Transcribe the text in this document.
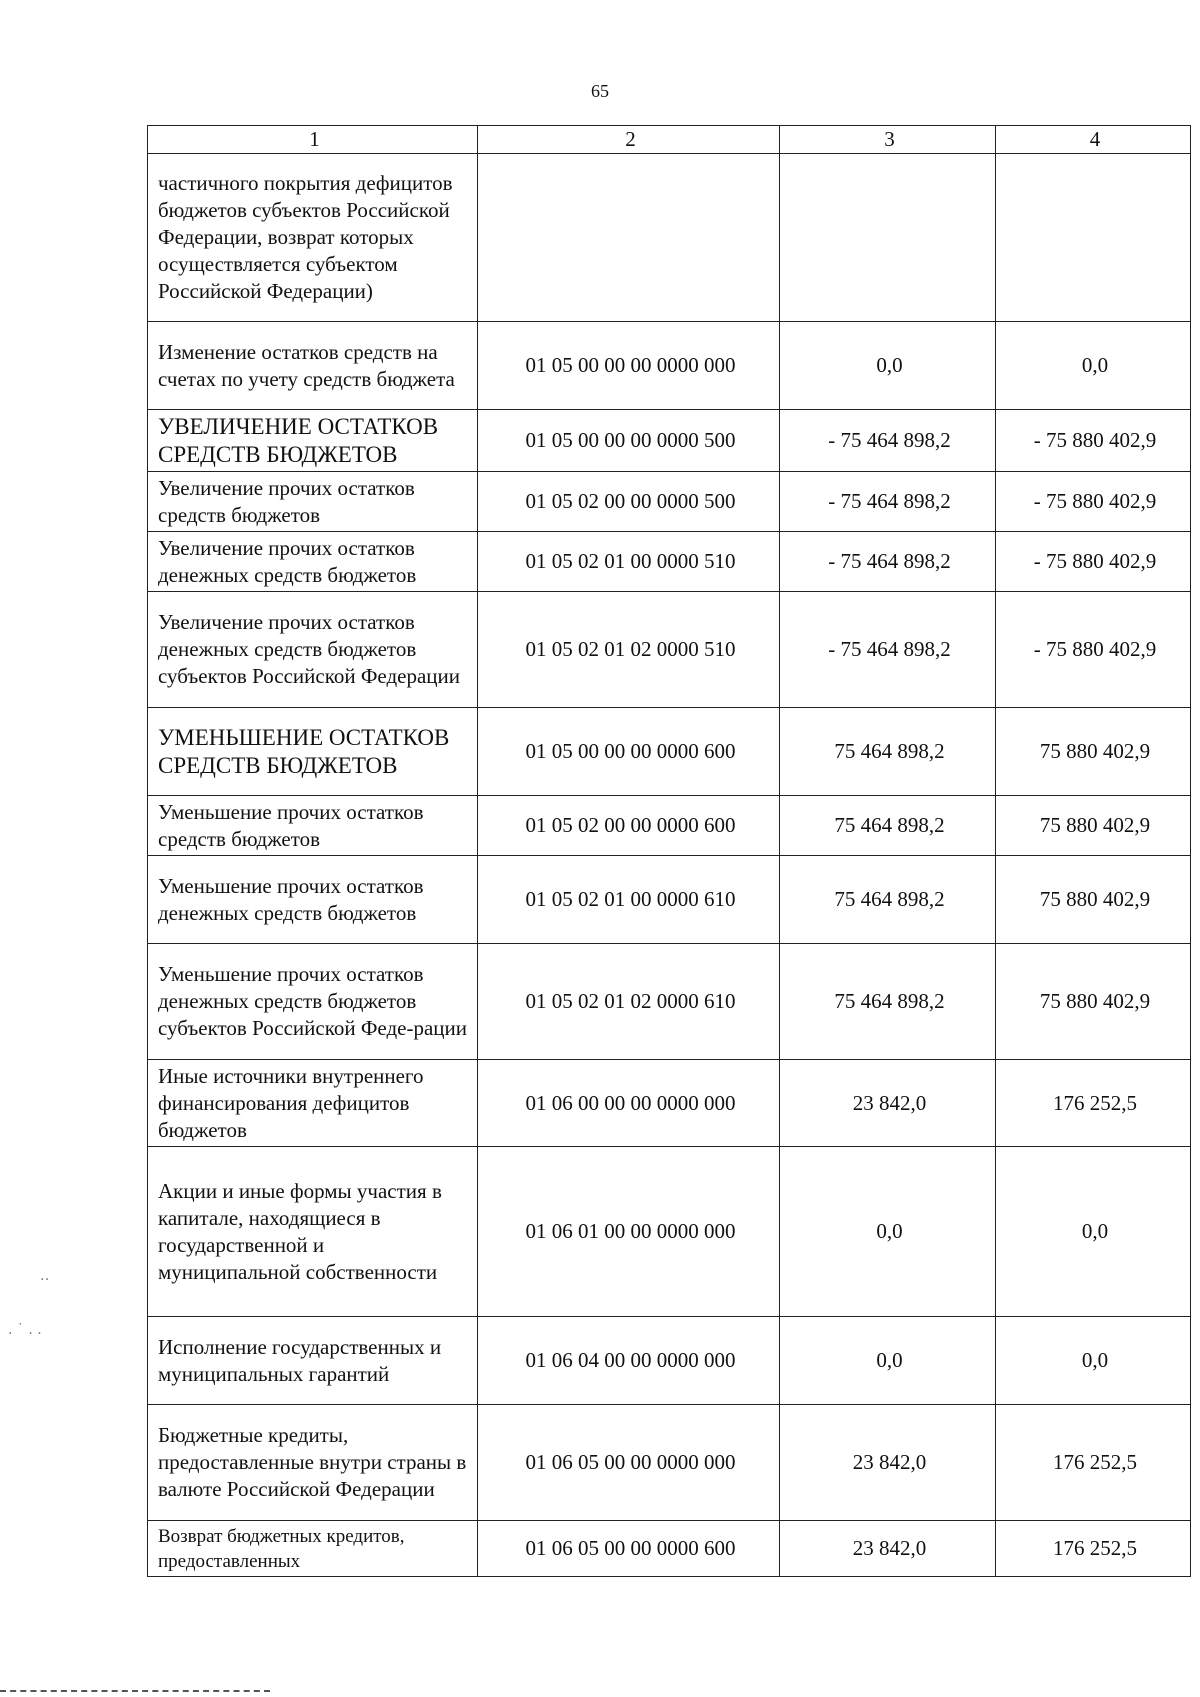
65
1	2	3	4
частичного покрытия дефицитов бюджетов субъектов Российской Федерации, возврат которых осуществляется субъектом Российской Федерации)			
Изменение остатков средств на счетах по учету средств бюджета	01 05 00 00 00 0000 000	0,0	0,0
УВЕЛИЧЕНИЕ ОСТАТКОВ СРЕДСТВ БЮДЖЕТОВ	01 05 00 00 00 0000 500	- 75 464 898,2	- 75 880 402,9
Увеличение прочих остатков средств бюджетов	01 05 02 00 00 0000 500	- 75 464 898,2	- 75 880 402,9
Увеличение прочих остатков денежных средств бюджетов	01 05 02 01 00 0000 510	- 75 464 898,2	- 75 880 402,9
Увеличение прочих остатков денежных средств бюджетов субъектов Российской Федерации	01 05 02 01 02 0000 510	- 75 464 898,2	- 75 880 402,9
УМЕНЬШЕНИЕ ОСТАТКОВ СРЕДСТВ БЮДЖЕТОВ	01 05 00 00 00 0000 600	75 464 898,2	75 880 402,9
Уменьшение прочих остатков средств бюджетов	01 05 02 00 00 0000 600	75 464 898,2	75 880 402,9
Уменьшение прочих остатков денежных средств бюджетов	01 05 02 01 00 0000 610	75 464 898,2	75 880 402,9
Уменьшение прочих остатков денежных средств бюджетов субъектов Российской Феде-рации	01 05 02 01 02 0000 610	75 464 898,2	75 880 402,9
Иные источники внутреннего финансирования дефицитов бюджетов	01 06 00 00 00 0000 000	23 842,0	176 252,5
Акции и иные формы участия в капитале, находящиеся в государственной и муниципальной собственности	01 06 01 00 00 0000 000	0,0	0,0
Исполнение государственных и муниципальных гарантий	01 06 04 00 00 0000 000	0,0	0,0
Бюджетные кредиты, предоставленные внутри страны в валюте Российской Федерации	01 06 05 00 00 0000 000	23 842,0	176 252,5
Возврат бюджетных кредитов, предоставленных	01 06 05 00 00 0000 600	23 842,0	176 252,5
‥
. ˙ . .
